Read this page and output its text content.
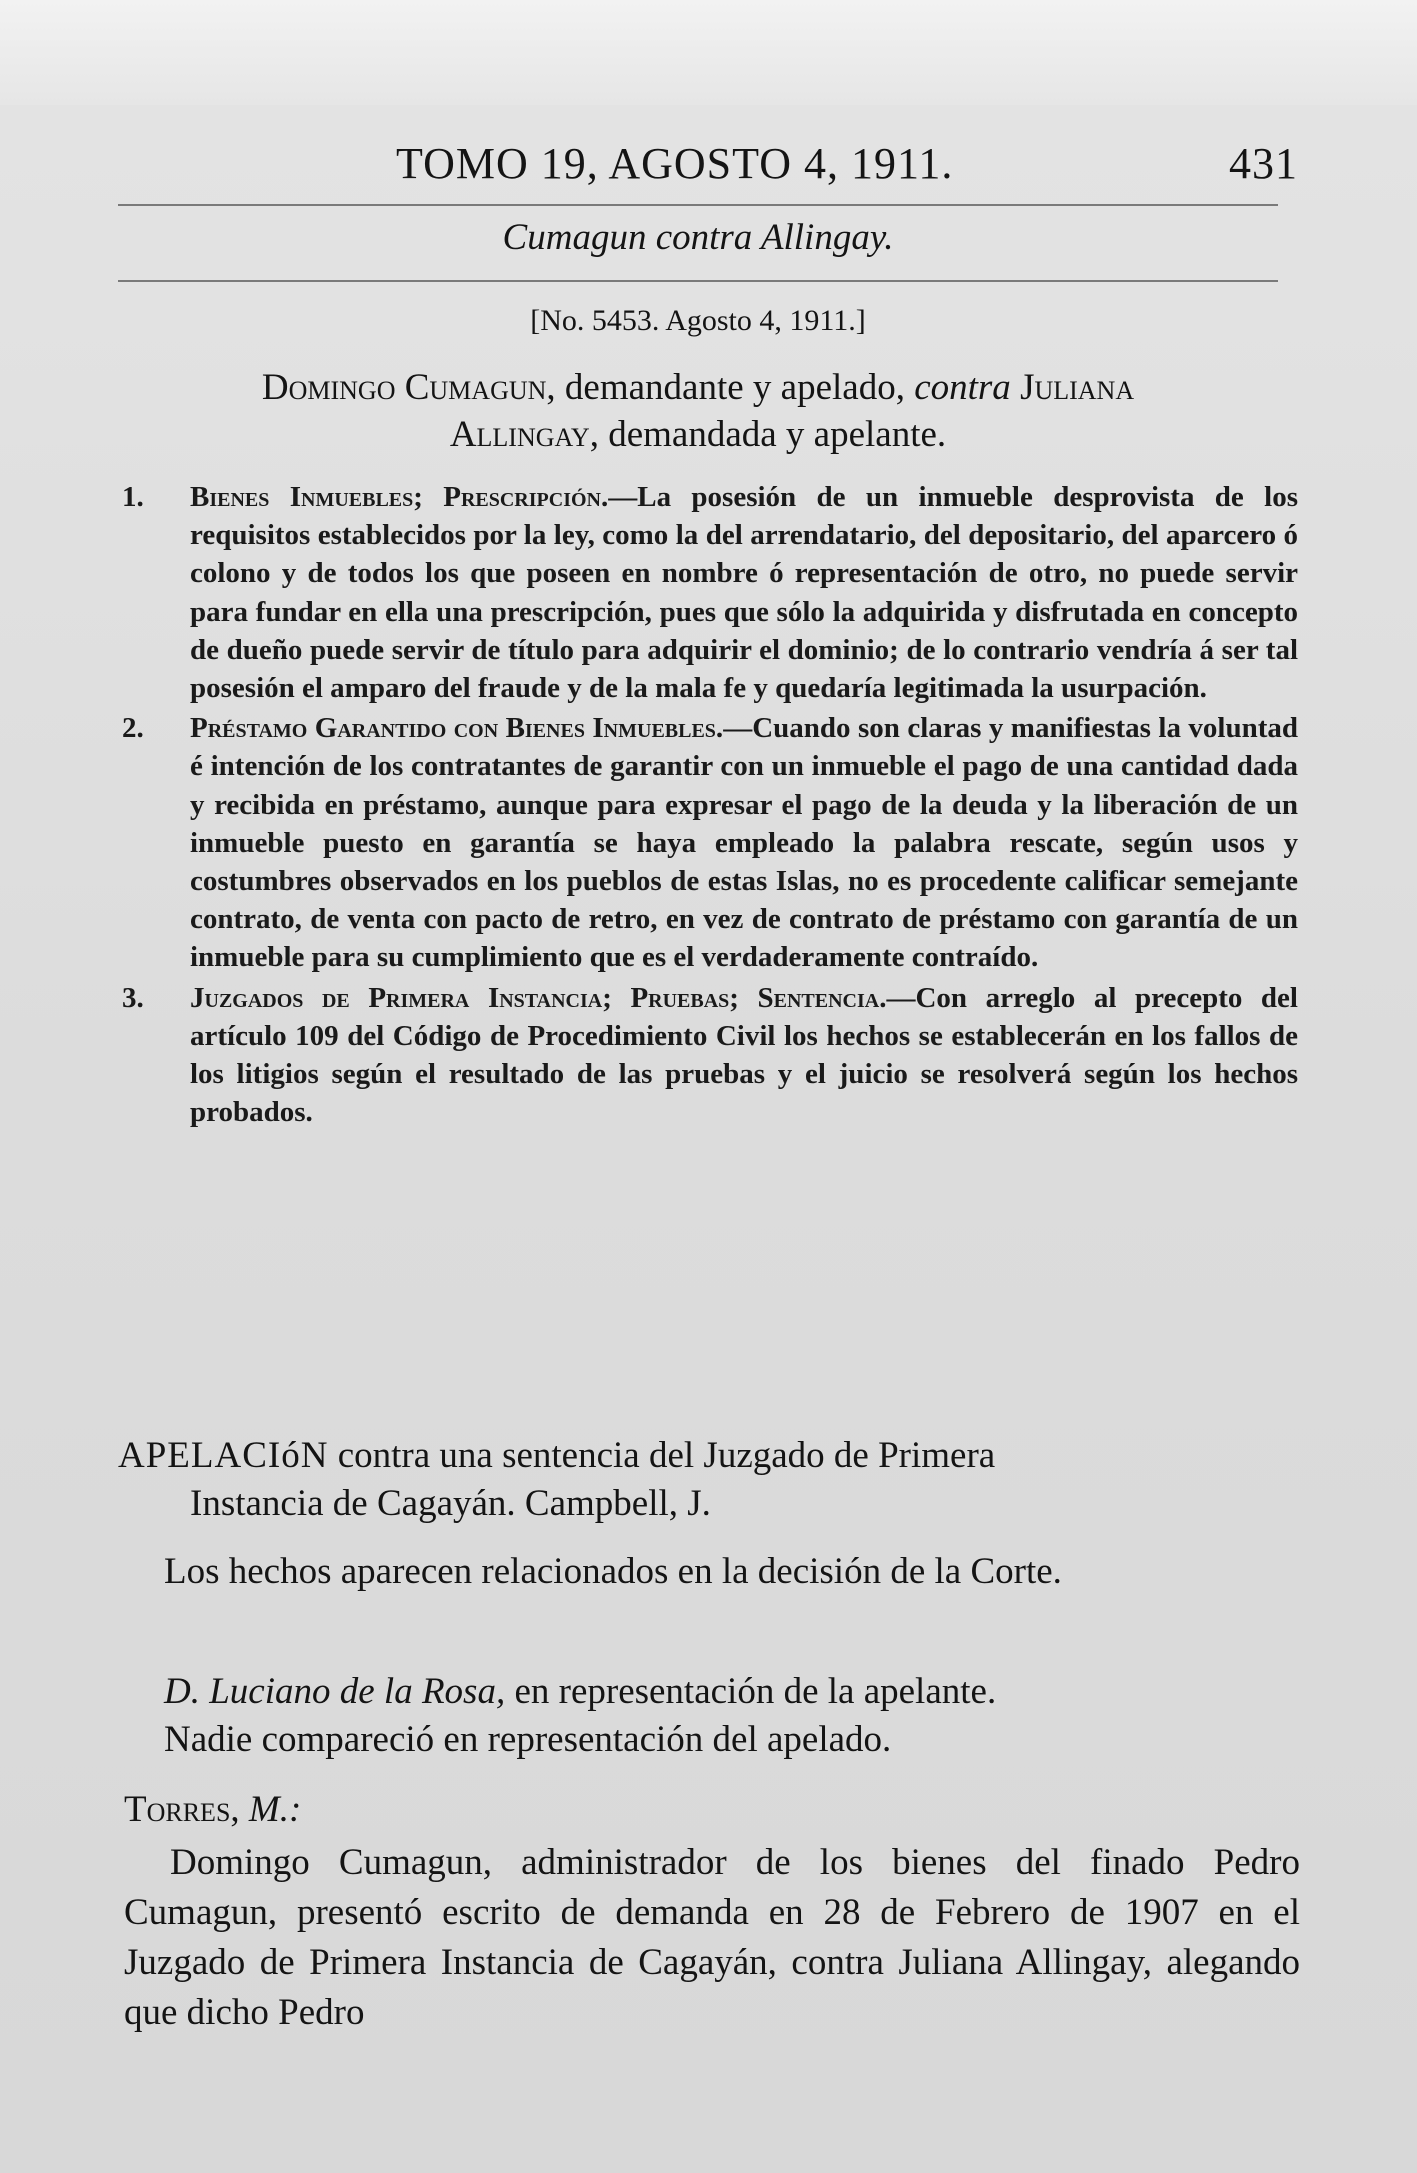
TOMO 19, AGOSTO 4, 1911.	431
Cumagun contra Allingay.
[No. 5453. Agosto 4, 1911.]
Domingo Cumagun, demandante y apelado, contra Juliana
Allingay, demandada y apelante.
1. Bienes Inmuebles; Prescripción.—La posesión de un inmueble desprovista de los requisitos establecidos por la ley, como la del arrendatario, del depositario, del aparcero ó colono y de todos los que poseen en nombre ó representación de otro, no puede servir para fundar en ella una prescripción, pues que sólo la adquirida y disfrutada en concepto de dueño puede servir de título para adquirir el dominio; de lo contrario vendría á ser tal posesión el amparo del fraude y de la mala fe y quedaría legitimada la usurpación.
2. Préstamo Garantido con Bienes Inmuebles.—Cuando son claras y manifiestas la voluntad é intención de los contratantes de garantir con un inmueble el pago de una cantidad dada y recibida en préstamo, aunque para expresar el pago de la deuda y la liberación de un inmueble puesto en garantía se haya empleado la palabra rescate, según usos y costumbres observados en los pueblos de estas Islas, no es procedente calificar semejante contrato, de venta con pacto de retro, en vez de contrato de préstamo con garantía de un inmueble para su cumplimiento que es el verdaderamente contraído.
3. Juzgados de Primera Instancia; Pruebas; Sentencia.—Con arreglo al precepto del artículo 109 del Código de Procedimiento Civil los hechos se establecerán en los fallos de los litigios según el resultado de las pruebas y el juicio se resolverá según los hechos probados.
APELACIóN contra una sentencia del Juzgado de Primera
Instancia de Cagayán. Campbell, J.
Los hechos aparecen relacionados en la decisión de la Corte.
D. Luciano de la Rosa, en representación de la apelante.
Nadie compareció en representación del apelado.
Torres, M.:
Domingo Cumagun, administrador de los bienes del finado Pedro Cumagun, presentó escrito de demanda en 28 de Febrero de 1907 en el Juzgado de Primera Instancia de Cagayán, contra Juliana Allingay, alegando que dicho Pedro
